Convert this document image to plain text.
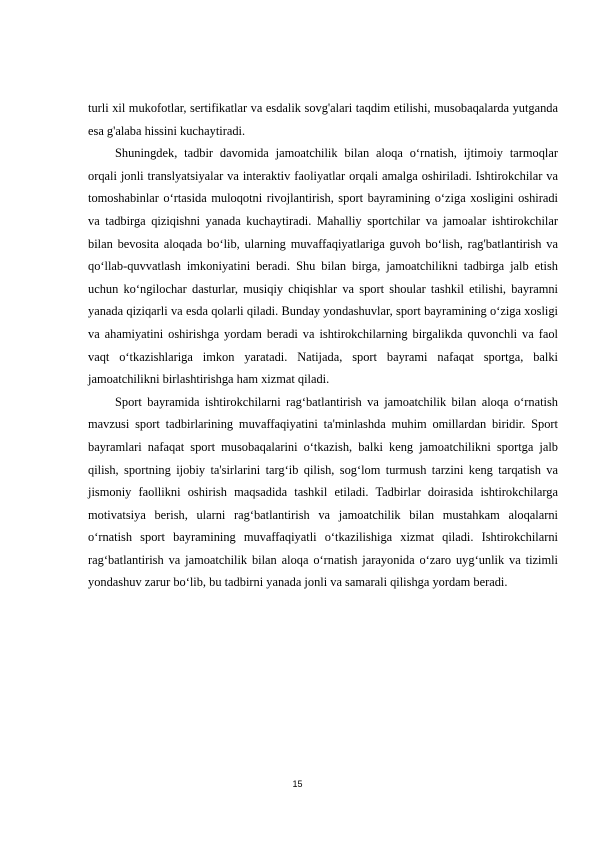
turli xil mukofotlar, sertifikatlar va esdalik sovg'alari taqdim etilishi, musobaqalarda yutganda esa g'alaba hissini kuchaytiradi.

Shuningdek, tadbir davomida jamoatchilik bilan aloqa o‘rnatish, ijtimoiy tarmoqlar orqali jonli translyatsiyalar va interaktiv faoliyatlar orqali amalga oshiriladi. Ishtirokchilar va tomoshabinlar o‘rtasida muloqotni rivojlantirish, sport bayramining o‘ziga xosligini oshiradi va tadbirga qiziqishni yanada kuchaytiradi. Mahalliy sportchilar va jamoalar ishtirokchilar bilan bevosita aloqada bo‘lib, ularning muvaffaqiyatlariga guvoh bo‘lish, rag'batlantirish va qo‘llab-quvvatlash imkoniyatini beradi. Shu bilan birga, jamoatchilikni tadbirga jalb etish uchun ko‘ngilochar dasturlar, musiqiy chiqishlar va sport shoular tashkil etilishi, bayramni yanada qiziqarli va esda qolarli qiladi. Bunday yondashuvlar, sport bayramining o‘ziga xosligi va ahamiyatini oshirishga yordam beradi va ishtirokchilarning birgalikda quvonchli va faol vaqt o‘tkazishlariga imkon yaratadi. Natijada, sport bayrami nafaqat sportga, balki jamoatchilikni birlashtirishga ham xizmat qiladi.

Sport bayramida ishtirokchilarni rag‘batlantirish va jamoatchilik bilan aloqa o‘rnatish mavzusi sport tadbirlarining muvaffaqiyatini ta'minlashda muhim omillardan biridir. Sport bayramlari nafaqat sport musobaqalarini o‘tkazish, balki keng jamoatchilikni sportga jalb qilish, sportning ijobiy ta'sirlarini targ‘ib qilish, sog‘lom turmush tarzini keng tarqatish va jismoniy faollikni oshirish maqsadida tashkil etiladi. Tadbirlar doirasida ishtirokchilarga motivatsiya berish, ularni rag‘batlantirish va jamoatchilik bilan mustahkam aloqalarni o‘rnatish sport bayramining muvaffaqiyatli o‘tkazilishiga xizmat qiladi. Ishtirokchilarni rag‘batlantirish va jamoatchilik bilan aloqa o‘rnatish jarayonida o‘zaro uyg‘unlik va tizimli yondashuv zarur bo‘lib, bu tadbirni yanada jonli va samarali qilishga yordam beradi.

15
